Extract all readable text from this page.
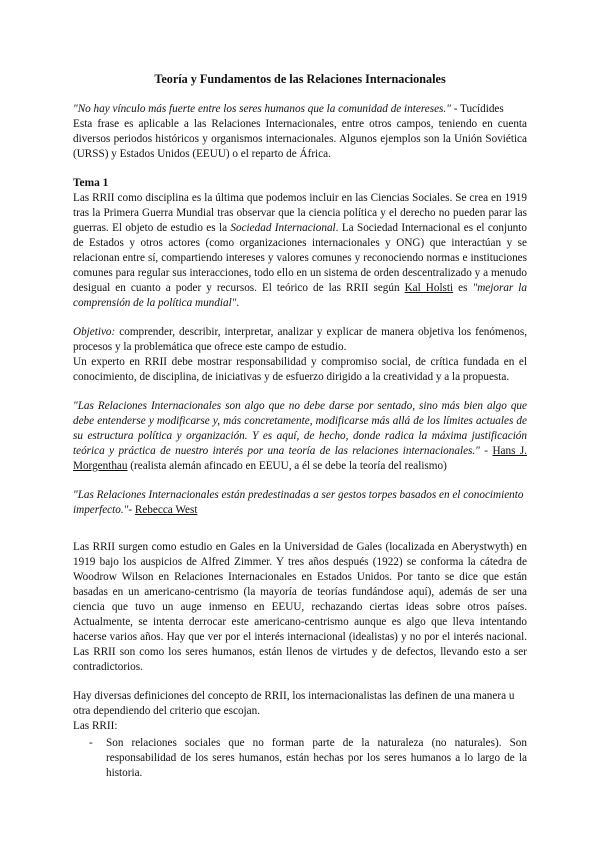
Teoría y Fundamentos de las Relaciones Internacionales

"No hay vínculo más fuerte entre los seres humanos que la comunidad de intereses." - Tucídides

Esta frase es aplicable a las Relaciones Internacionales, entre otros campos, teniendo en cuenta diversos periodos históricos y organismos internacionales. Algunos ejemplos son la Unión Soviética (URSS) y Estados Unidos (EEUU) o el reparto de África.

Tema 1

Las RRII como disciplina es la última que podemos incluir en las Ciencias Sociales. Se crea en 1919 tras la Primera Guerra Mundial tras observar que la ciencia política y el derecho no pueden parar las guerras. El objeto de estudio es la Sociedad Internacional. La Sociedad Internacional es el conjunto de Estados y otros actores (como organizaciones internacionales y ONG) que interactúan y se relacionan entre sí, compartiendo intereses y valores comunes y reconociendo normas e instituciones comunes para regular sus interacciones, todo ello en un sistema de orden descentralizado y a menudo desigual en cuanto a poder y recursos. El teórico de las RRII según Kal Holsti es "mejorar la comprensión de la política mundial".

Objetivo: comprender, describir, interpretar, analizar y explicar de manera objetiva los fenómenos, procesos y la problemática que ofrece este campo de estudio.

Un experto en RRII debe mostrar responsabilidad y compromiso social, de crítica fundada en el conocimiento, de disciplina, de iniciativas y de esfuerzo dirigido a la creatividad y a la propuesta.

"Las Relaciones Internacionales son algo que no debe darse por sentado, sino más bien algo que debe entenderse y modificarse y, más concretamente, modificarse más allá de los límites actuales de su estructura política y organización. Y es aquí, de hecho, donde radica la máxima justificación teórica y práctica de nuestro interés por una teoría de las relaciones internacionales." - Hans J. Morgenthau (realista alemán afincado en EEUU, a él se debe la teoría del realismo)

"Las Relaciones Internacionales están predestinadas a ser gestos torpes basados en el conocimiento imperfecto."- Rebecca West

Las RRII surgen como estudio en Gales en la Universidad de Gales (localizada en Aberystwyth) en 1919 bajo los auspicios de Alfred Zimmer. Y tres años después (1922) se conforma la cátedra de Woodrow Wilson en Relaciones Internacionales en Estados Unidos. Por tanto se dice que están basadas en un americano-centrismo (la mayoría de teorías fundándose aquí), además de ser una ciencia que tuvo un auge inmenso en EEUU, rechazando ciertas ideas sobre otros países. Actualmente, se intenta derrocar este americano-centrismo aunque es algo que lleva intentando hacerse varios años. Hay que ver por el interés internacional (idealistas) y no por el interés nacional. Las RRII son como los seres humanos, están llenos de virtudes y de defectos, llevando esto a ser contradictorios.

Hay diversas definiciones del concepto de RRII, los internacionalistas las definen de una manera u otra dependiendo del criterio que escojan.

Las RRII:

-	Son relaciones sociales que no forman parte de la naturaleza (no naturales). Son responsabilidad de los seres humanos, están hechas por los seres humanos a lo largo de la historia.
